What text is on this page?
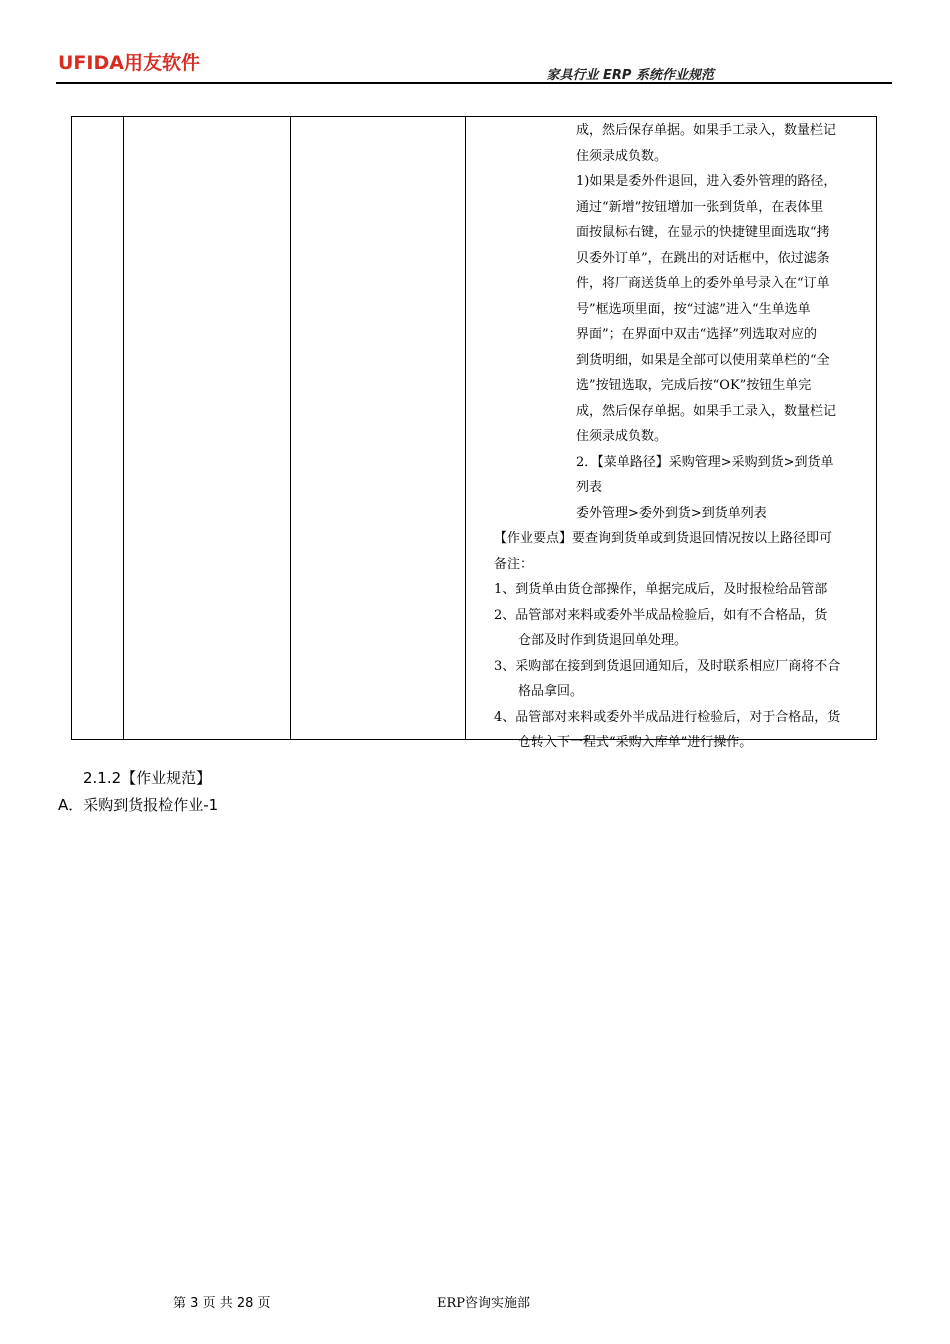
UFIDA用友软件
家具行业 ERP 系统作业规范

成，然后保存单据。如果手工录入，数量栏记

住须录成负数。

1)如果是委外件退回，进入委外管理的路径，

通过“新增”按钮增加一张到货单，在表体里

面按鼠标右键，在显示的快捷键里面选取“拷

贝委外订单”，在跳出的对话框中，依过滤条

件，将厂商送货单上的委外单号录入在“订单

号”框选项里面，按“过滤”进入“生单选单

界面”；在界面中双击“选择”列选取对应的

到货明细，如果是全部可以使用菜单栏的“全

选”按钮选取，完成后按“OK”按钮生单完

成，然后保存单据。如果手工录入，数量栏记

住须录成负数。

2．【菜单路径】采购管理>采购到货>到货单

列表

委外管理>委外到货>到货单列表

【作业要点】要查询到货单或到货退回情况按以上路径即可

备注：

1、到货单由货仓部操作，单据完成后，及时报检给品管部

2、品管部对来料或委外半成品检验后，如有不合格品，货

仓部及时作到货退回单处理。

3、采购部在接到到货退回通知后，及时联系相应厂商将不合

格品拿回。

4、品管部对来料或委外半成品进行检验后，对于合格品，货

仓转入下一程式“采购入库单”进行操作。

2.1.2【作业规范】
A．采购到货报检作业-1
第 3 页 共 28 页	ERP咨询实施部
